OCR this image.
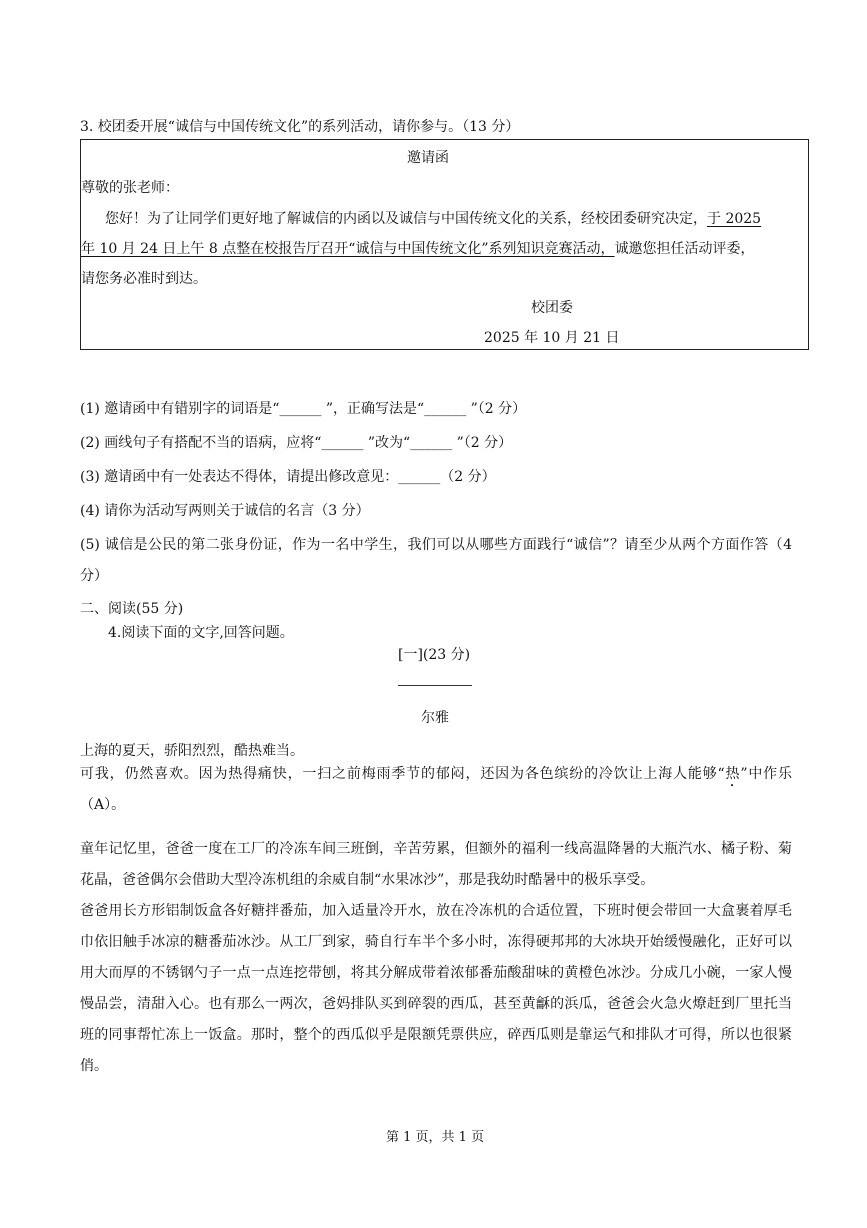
3. 校团委开展“诚信与中国传统文化”的系列活动，请你参与。（13 分）
邀请函
尊敬的张老师：
您好！为了让同学们更好地了解诚信的内函以及诚信与中国传统文化的关系，经校团委研究决定，于 2025
年 10 月 24 日上午 8 点整在校报告厅召开“诚信与中国传统文化”系列知识竞赛活动，诚邀您担任活动评委，
请您务必准时到达。
校团委
2025 年 10 月 21 日
(1) 邀请函中有错别字的词语是“______ ”，正确写法是“______ ”（2 分）
(2) 画线句子有搭配不当的语病，应将“______ ”改为“______ ”（2 分）
(3) 邀请函中有一处表达不得体，请提出修改意见：______（2 分）
(4) 请你为活动写两则关于诚信的名言（3 分）
(5) 诚信是公民的第二张身份证，作为一名中学生，我们可以从哪些方面践行“诚信”？请至少从两个方面作答（4 分）
二、阅读(55 分)
4.阅读下面的文字,回答问题。
[一](23 分)
尔雅
上海的夏天，骄阳烈烈，酷热难当。
可我，仍然喜欢。因为热得痛快，一扫之前梅雨季节的郁闷，还因为各色缤纷的冷饮让上海人能够“热”中作乐（A）。
童年记忆里，爸爸一度在工厂的冷冻车间三班倒，辛苦劳累，但额外的福利一线高温降暑的大瓶汽水、橘子粉、菊花晶，爸爸偶尔会借助大型冷冻机组的余威自制“水果冰沙”，那是我幼时酷暑中的极乐享受。
爸爸用长方形铝制饭盒各好糖拌番茄，加入适量冷开水，放在冷冻机的合适位置，下班时便会带回一大盒裹着厚毛巾依旧触手冰凉的糖番茄冰沙。从工厂到家，骑自行车半个多小时，冻得硬邦邦的大冰块开始缓慢融化，正好可以用大而厚的不锈钢勺子一点一点连挖带刨，将其分解成带着浓郁番茄酸甜味的黄橙色冰沙。分成几小碗，一家人慢慢品尝，清甜入心。也有那么一两次，爸妈排队买到碎裂的西瓜，甚至黄龢的浜瓜，爸爸会火急火燎赶到厂里托当班的同事帮忙冻上一饭盒。那时，整个的西瓜似乎是限额凭票供应，碎西瓜则是靠运气和排队才可得，所以也很紧俏。
第 1 页，共 1 页
